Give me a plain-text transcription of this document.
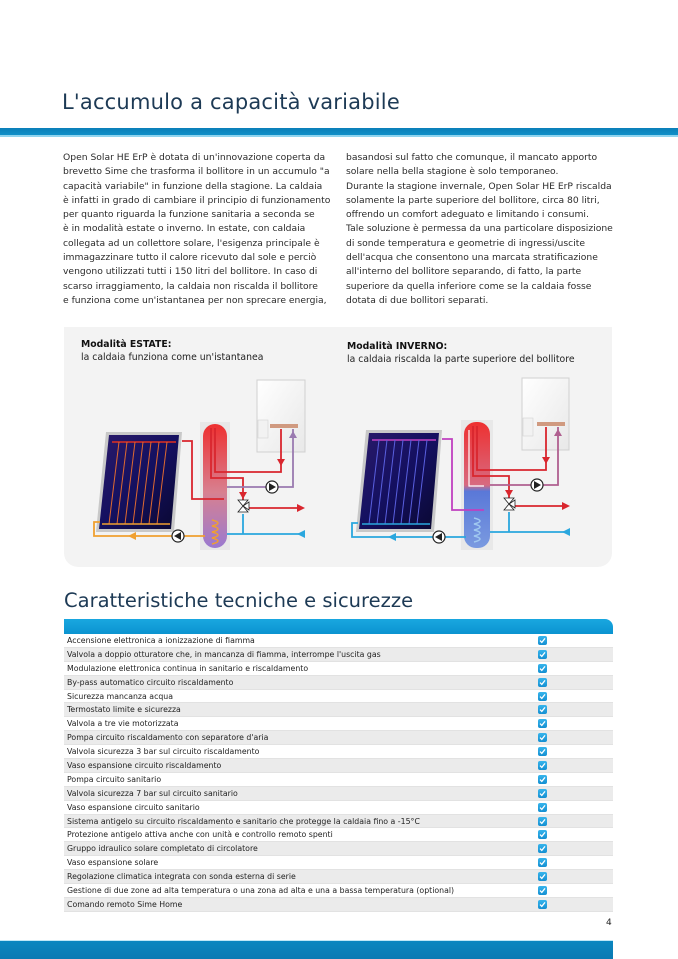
L'accumulo a capacità variabile

Open Solar HE ErP è dotata di un'innovazione coperta da

brevetto Sime che trasforma il bollitore in un accumulo "a

capacità variabile" in funzione della stagione. La caldaia

è infatti in grado di cambiare il principio di funzionamento

per quanto riguarda la funzione sanitaria a seconda se

è in modalità estate o inverno. In estate, con caldaia

collegata ad un collettore solare, l'esigenza principale è

immagazzinare tutto il calore ricevuto dal sole e perciò

vengono utilizzati tutti i 150 litri del bollitore. In caso di

scarso irraggiamento, la caldaia non riscalda il bollitore

e funziona come un'istantanea per non sprecare energia,

basandosi sul fatto che comunque, il mancato apporto

solare nella bella stagione è solo temporaneo.

Durante la stagione invernale, Open Solar HE ErP riscalda

solamente la parte superiore del bollitore, circa 80 litri,

offrendo un comfort adeguato e limitando i consumi.

Tale soluzione è permessa da una particolare disposizione

di sonde temperatura e geometrie di ingressi/uscite

dell'acqua che consentono una marcata stratificazione

all'interno del bollitore separando, di fatto, la parte

superiore da quella inferiore come se la caldaia fosse

dotata di due bollitori separati.

Modalità ESTATE:
la caldaia funziona come un'istantanea
Modalità INVERNO:
la caldaia riscalda la parte superiore del bollitore
Caratteristiche tecniche e sicurezze
Accensione elettronica a ionizzazione di fiamma
Valvola a doppio otturatore che, in mancanza di fiamma, interrompe l'uscita gas
Modulazione elettronica continua in sanitario e riscaldamento
By-pass automatico circuito riscaldamento
Sicurezza mancanza acqua
Termostato limite e sicurezza
Valvola a tre vie motorizzata
Pompa circuito riscaldamento con separatore d'aria
Valvola sicurezza 3 bar sul circuito riscaldamento
Vaso espansione circuito riscaldamento
Pompa circuito sanitario
Valvola sicurezza 7 bar sul circuito sanitario
Vaso espansione circuito sanitario
Sistema antigelo su circuito riscaldamento e sanitario che protegge la caldaia fino a -15°C
Protezione antigelo attiva anche con unità e controllo remoto spenti
Gruppo idraulico solare completato di circolatore
Vaso espansione solare
Regolazione climatica integrata con sonda esterna di serie
Gestione di due zone ad alta temperatura o una zona ad alta e una a bassa temperatura (optional)
Comando remoto Sime Home
4
